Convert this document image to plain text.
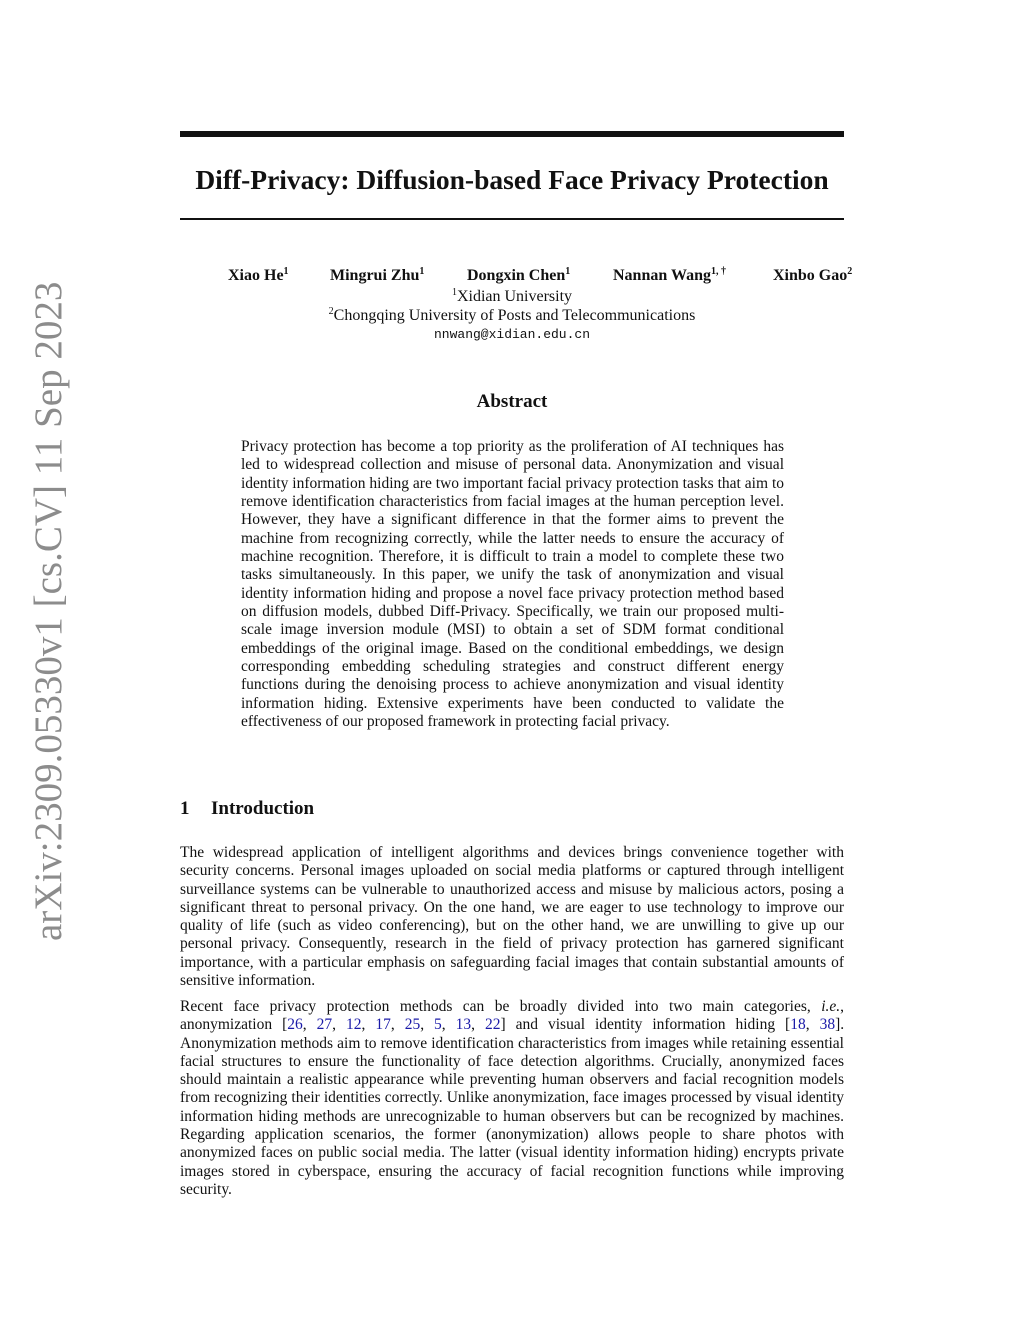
arXiv:2309.05330v1 [cs.CV] 11 Sep 2023
Diff-Privacy: Diffusion-based Face Privacy Protection
Xiao He$^1$	Mingrui Zhu$^1$	Dongxin Chen$^1$	Nannan Wang$^{1, \dagger}$	Xinbo Gao$^2$
$^1$Xidian University
$^2$Chongqing University of Posts and Telecommunications
nnwang@xidian.edu.cn
Abstract
Privacy protection has become a top priority as the proliferation of AI techniques has led to widespread collection and misuse of personal data. Anonymization and visual identity information hiding are two important facial privacy protection tasks that aim to remove identification characteristics from facial images at the human perception level. However, they have a significant difference in that the former aims to prevent the machine from recognizing correctly, while the latter needs to ensure the accuracy of machine recognition. Therefore, it is difficult to train a model to complete these two tasks simultaneously. In this paper, we unify the task of anonymization and visual identity information hiding and propose a novel face privacy protection method based on diffusion models, dubbed Diff-Privacy. Specifically, we train our proposed multi-scale image inversion module (MSI) to obtain a set of SDM format conditional embeddings of the original image. Based on the conditional embeddings, we design corresponding embedding scheduling strategies and construct different energy functions during the denoising process to achieve anonymization and visual identity information hiding. Extensive experiments have been conducted to validate the effectiveness of our proposed framework in protecting facial privacy.
1 Introduction
The widespread application of intelligent algorithms and devices brings convenience together with security concerns. Personal images uploaded on social media platforms or captured through intelligent surveillance systems can be vulnerable to unauthorized access and misuse by malicious actors, posing a significant threat to personal privacy. On the one hand, we are eager to use technology to improve our quality of life (such as video conferencing), but on the other hand, we are unwilling to give up our personal privacy. Consequently, research in the field of privacy protection has garnered significant importance, with a particular emphasis on safeguarding facial images that contain substantial amounts of sensitive information.
Recent face privacy protection methods can be broadly divided into two main categories, i.e., anonymization [26, 27, 12, 17, 25, 5, 13, 22] and visual identity information hiding [18, 38]. Anonymization methods aim to remove identification characteristics from images while retaining essential facial structures to ensure the functionality of face detection algorithms. Crucially, anonymized faces should maintain a realistic appearance while preventing human observers and facial recognition models from recognizing their identities correctly. Unlike anonymization, face images processed by visual identity information hiding methods are unrecognizable to human observers but can be recognized by machines. Regarding application scenarios, the former (anonymization) allows people to share photos with anonymized faces on public social media. The latter (visual identity information hiding) encrypts private images stored in cyberspace, ensuring the accuracy of facial recognition functions while improving security.
